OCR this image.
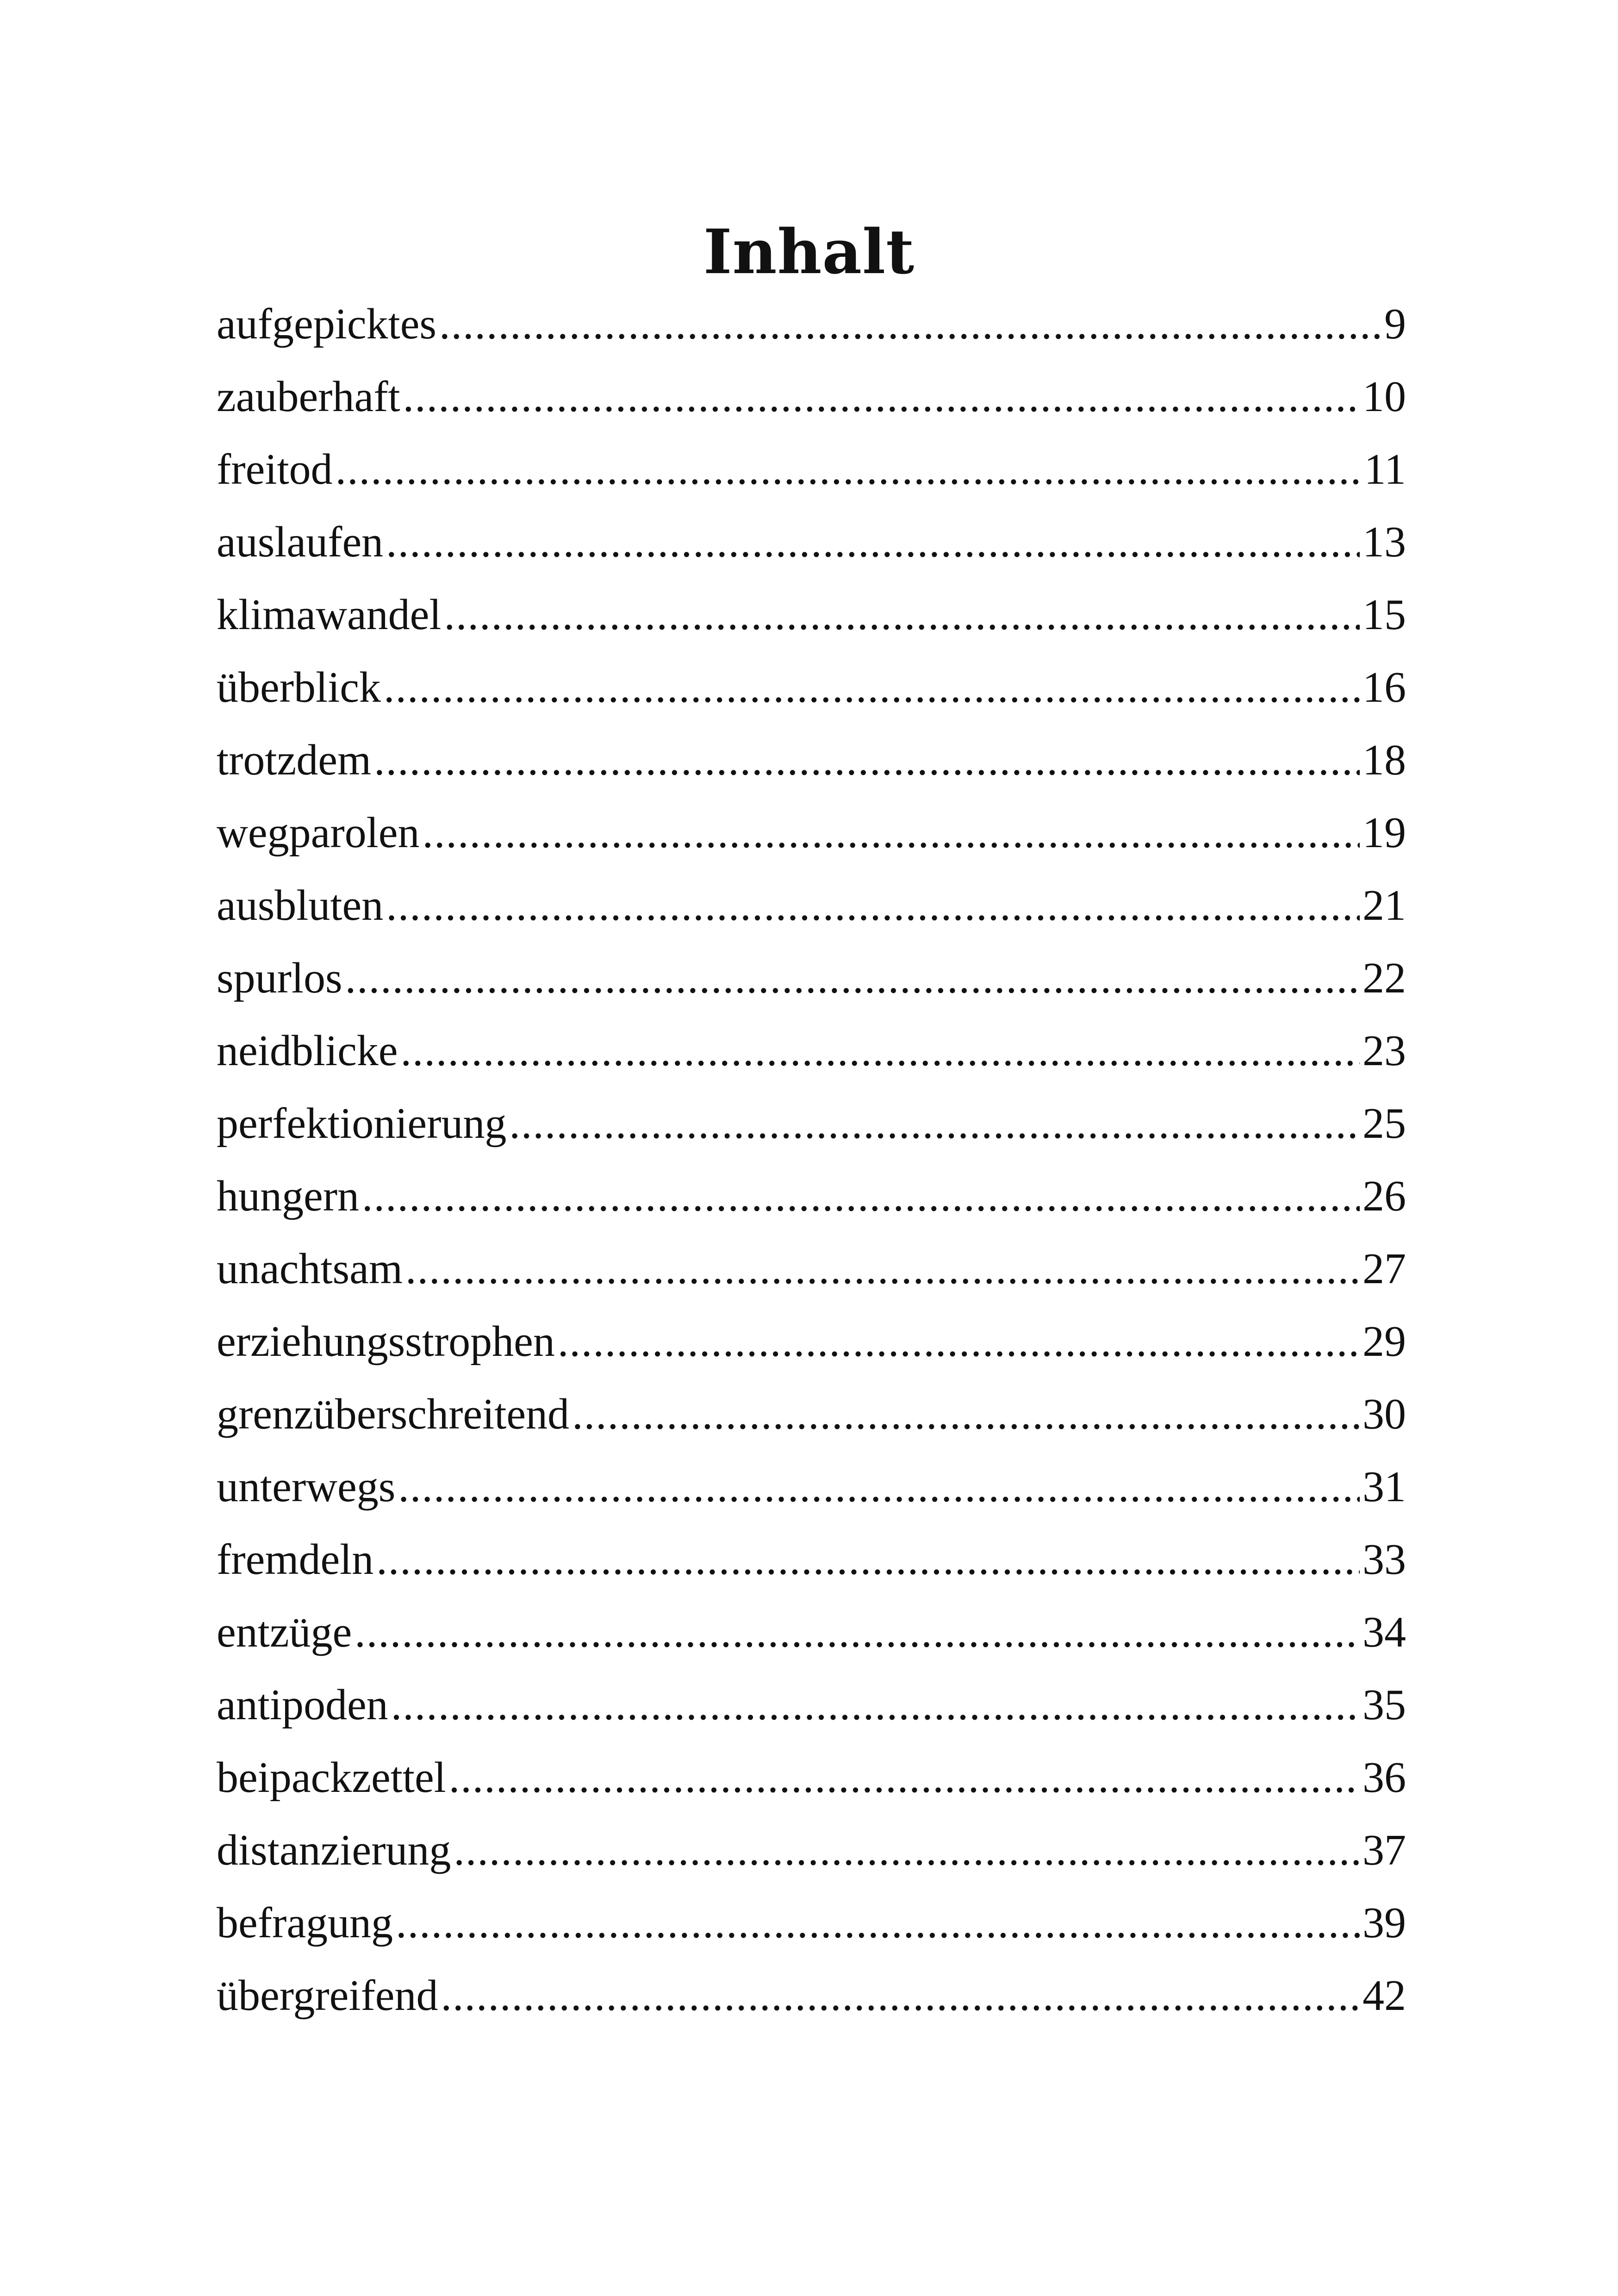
Inhalt
aufgepicktes .....	9
zauberhaft .....	10
freitod .....	11
auslaufen .....	13
klimawandel .....	15
überblick .....	16
trotzdem .....	18
wegparolen .....	19
ausbluten .....	21
spurlos .....	22
neidblicke .....	23
perfektionierung .....	25
hungern .....	26
unachtsam .....	27
erziehungsstrophen .....	29
grenzüberschreitend .....	30
unterwegs .....	31
fremdeln .....	33
entzüge .....	34
antipoden .....	35
beipackzettel .....	36
distanzierung .....	37
befragung .....	39
übergreifend .....	42
